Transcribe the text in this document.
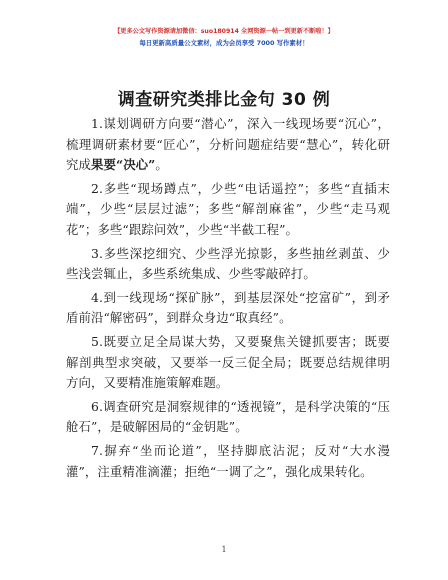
【更多公文写作资源请加微信：suo180914 全网资源一帖一到更新不断啦！】
每日更新高质量公文素材，成为会员享受 7000 写作素材！
调查研究类排比金句 30 例

1.谋划调研方向要“潜心”，深入一线现场要“沉心”，梳理调研素材要“匠心”，分析问题症结要“慧心”，转化研究成果要“决心”。

2.多些“现场蹲点”，少些“电话遥控”；多些“直插末端”，少些“层层过滤”；多些“解剖麻雀”，少些“走马观花”；多些“跟踪问效”，少些“半截工程”。

3.多些深挖细究、少些浮光掠影，多些抽丝剥茧、少些浅尝辄止，多些系统集成、少些零敲碎打。

4.到一线现场“探矿脉”，到基层深处“挖富矿”，到矛盾前沿“解密码”，到群众身边“取真经”。

5.既要立足全局谋大势，又要聚焦关键抓要害；既要解剖典型求突破，又要举一反三促全局；既要总结规律明方向，又要精准施策解难题。

6.调查研究是洞察规律的“透视镜”，是科学决策的“压舱石”，是破解困局的“金钥匙”。

7.摒弃“坐而论道”，坚持脚底沾泥；反对“大水漫灌”，注重精准滴灌；拒绝“一调了之”，强化成果转化。

1
